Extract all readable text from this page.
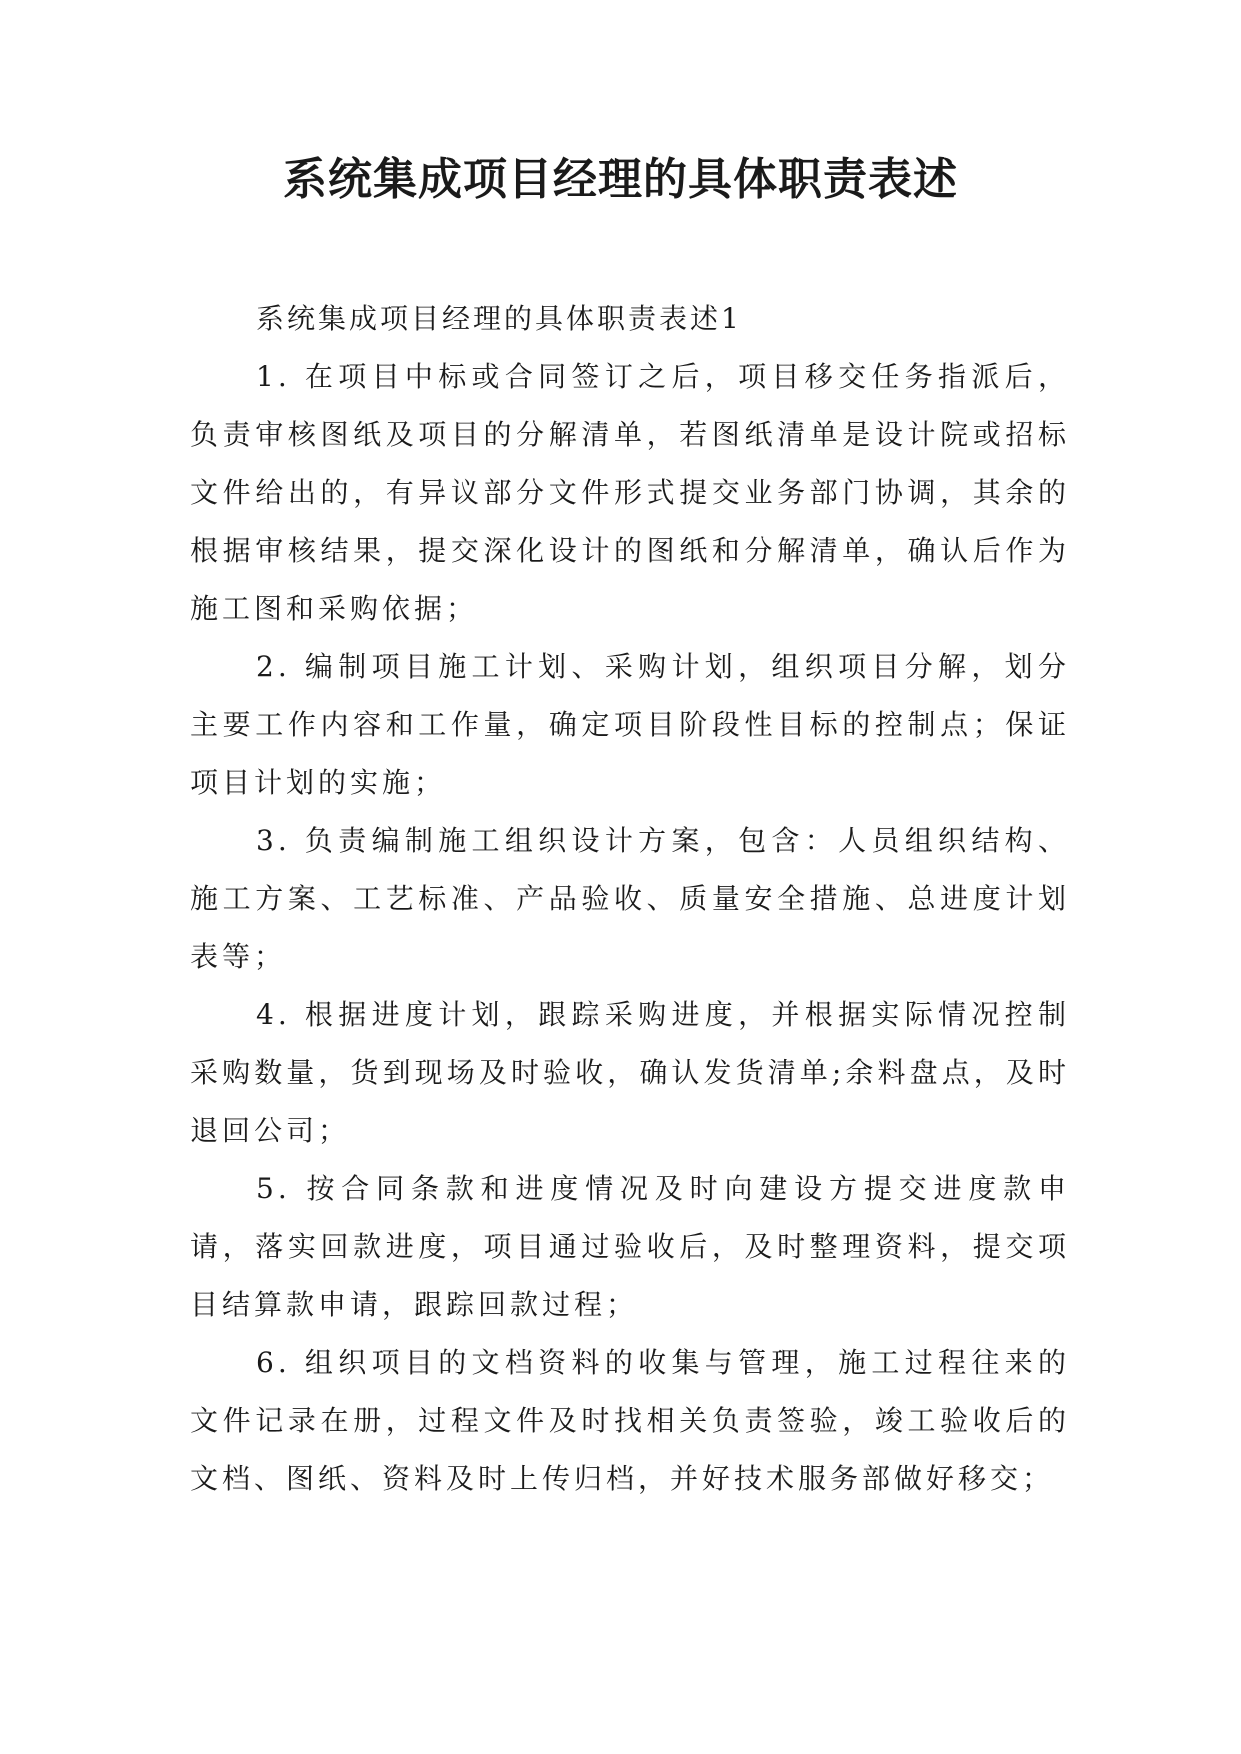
系统集成项目经理的具体职责表述

系统集成项目经理的具体职责表述1

1. 在项目中标或合同签订之后，项目移交任务指派后，负责审核图纸及项目的分解清单，若图纸清单是设计院或招标文件给出的，有异议部分文件形式提交业务部门协调，其余的根据审核结果，提交深化设计的图纸和分解清单，确认后作为施工图和采购依据；

2. 编制项目施工计划、采购计划，组织项目分解，划分主要工作内容和工作量，确定项目阶段性目标的控制点；保证项目计划的实施；

3. 负责编制施工组织设计方案，包含：人员组织结构、施工方案、工艺标准、产品验收、质量安全措施、总进度计划表等；

4. 根据进度计划，跟踪采购进度，并根据实际情况控制采购数量，货到现场及时验收，确认发货清单;余料盘点，及时退回公司；

5. 按合同条款和进度情况及时向建设方提交进度款申请，落实回款进度，项目通过验收后，及时整理资料，提交项目结算款申请，跟踪回款过程；

6. 组织项目的文档资料的收集与管理，施工过程往来的文件记录在册，过程文件及时找相关负责签验，竣工验收后的文档、图纸、资料及时上传归档，并好技术服务部做好移交；
